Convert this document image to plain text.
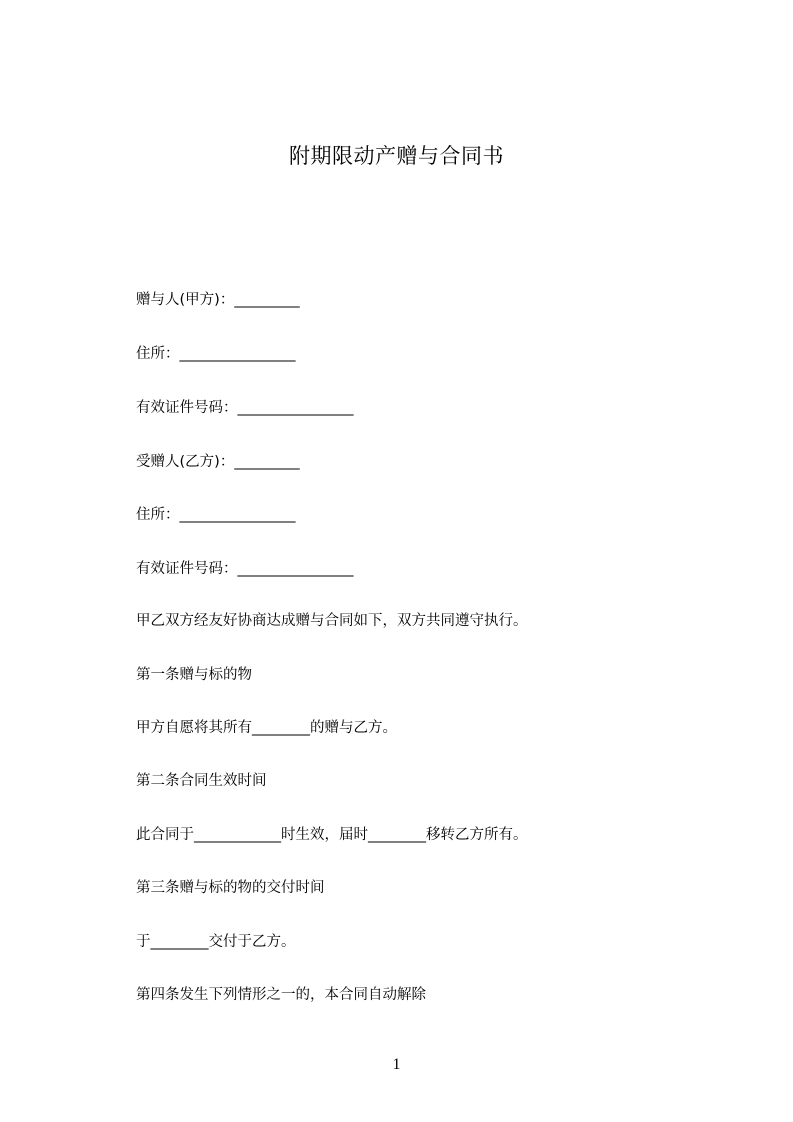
附期限动产赠与合同书
赠与人(甲方)：_________
住所：________________
有效证件号码：________________
受赠人(乙方)：_________
住所：________________
有效证件号码：________________
甲乙双方经友好协商达成赠与合同如下，双方共同遵守执行。
第一条赠与标的物
甲方自愿将其所有________的赠与乙方。
第二条合同生效时间
此合同于____________时生效，届时________移转乙方所有。
第三条赠与标的物的交付时间
于________交付于乙方。
第四条发生下列情形之一的，本合同自动解除
1
